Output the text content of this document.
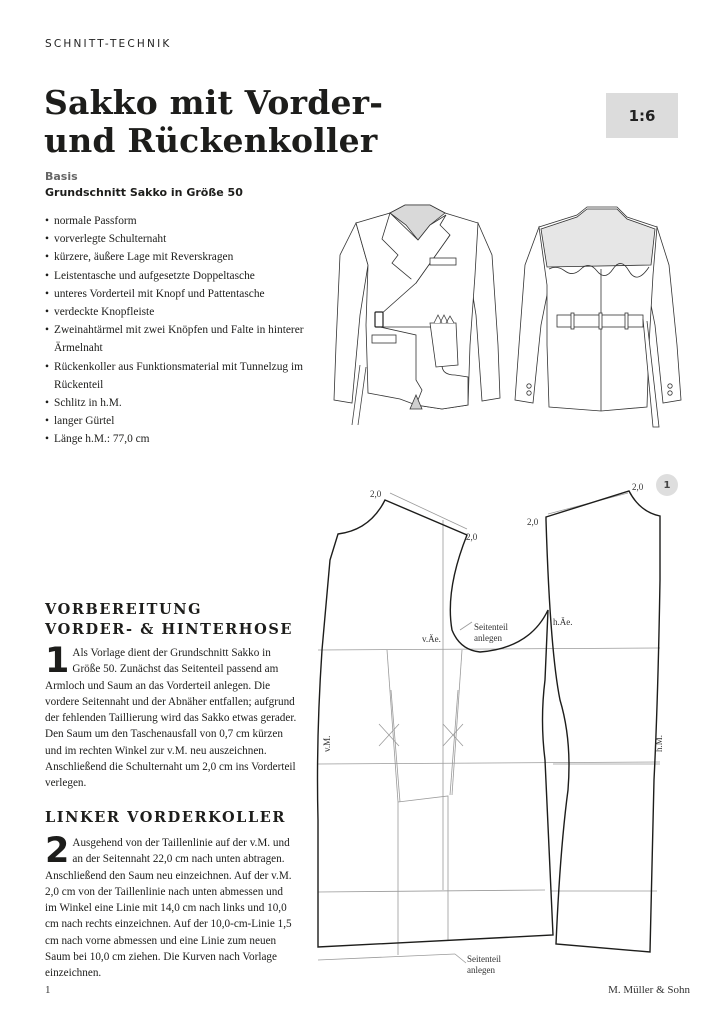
SCHNITT-TECHNIK
Sakko mit Vorder-
und Rückenkoller
1:6
Basis
Grundschnitt Sakko in Größe 50
• normale Passform
• vorverlegte Schulternaht
• kürzere, äußere Lage mit Reverskragen
• Leistentasche und aufgesetzte Doppeltasche
• unteres Vorderteil mit Knopf und Pattentasche
• verdeckte Knopfleiste
• Zweinahtärmel mit zwei Knöpfen und Falte in hinterer Ärmelnaht
• Rückenkoller aus Funktionsmaterial mit Tunnelzug im Rückenteil
• Schlitz in h.M.
• langer Gürtel
• Länge h.M.: 77,0 cm
1
2,0
2,0
2,0
2,0
v.Äe.
h.Äe.
Seitenteil
anlegen
Seitenteil
anlegen
v.M.	h.M.
VORBEREITUNG
VORDER- & HINTERHOSE
1 Als Vorlage dient der Grundschnitt Sakko in Größe 50. Zunächst das Seitenteil passend am Armloch und Saum an das Vorderteil anlegen. Die vordere Seitennaht und der Abnäher entfallen; aufgrund der fehlenden Taillierung wird das Sakko etwas gerader. Den Saum um den Taschenausfall von 0,7 cm kürzen und im rechten Winkel zur v.M. neu auszeichnen. Anschließend die Schulternaht um 2,0 cm ins Vorderteil verlegen.
LINKER VORDERKOLLER
2 Ausgehend von der Taillenlinie auf der v.M. und an der Seitennaht 22,0 cm nach unten abtragen. Anschließend den Saum neu einzeichnen. Auf der v.M. 2,0 cm von der Taillenlinie nach unten abmessen und im Winkel eine Linie mit 14,0 cm nach links und 10,0 cm nach rechts einzeichnen. Auf der 10,0-cm-Linie 1,5 cm nach vorne abmessen und eine Linie zum neuen Saum bei 10,0 cm ziehen. Die Kurven nach Vorlage einzeichnen.
1	M. Müller & Sohn
